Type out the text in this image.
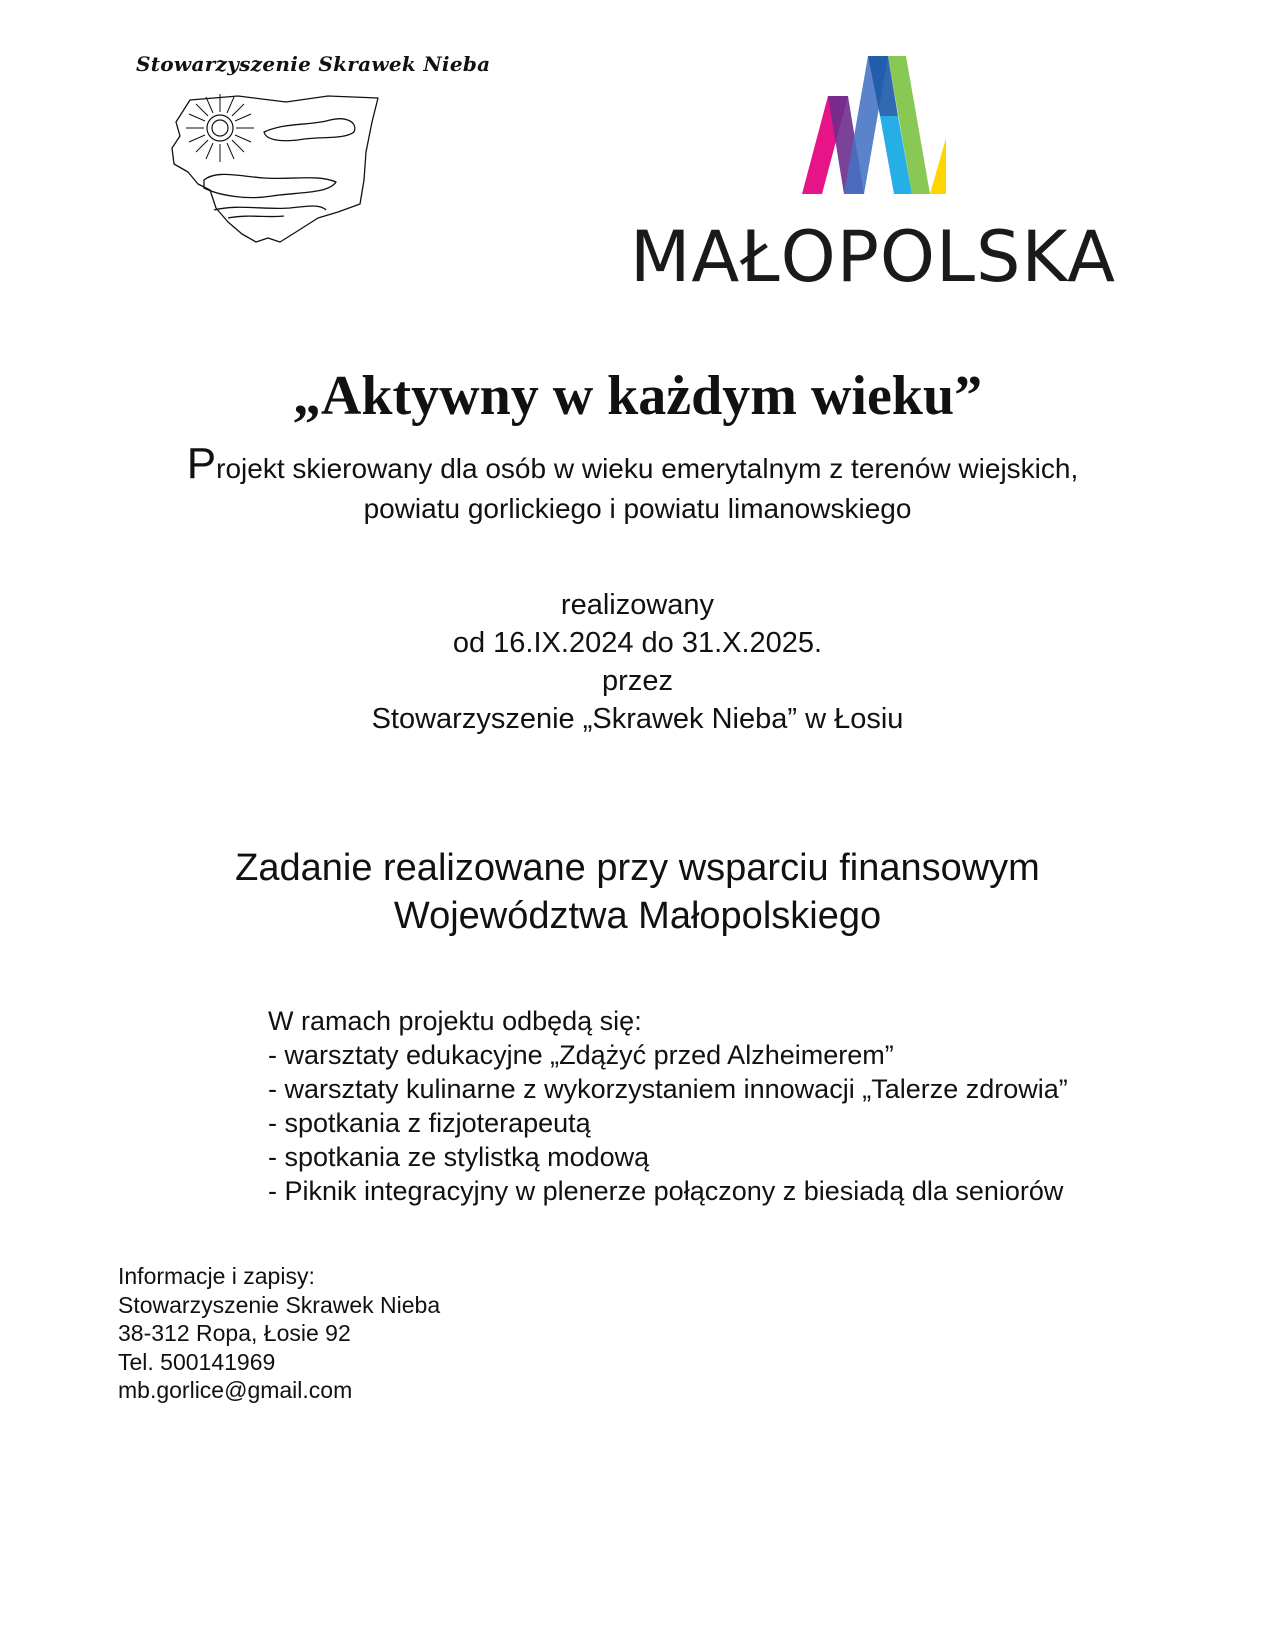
Stowarzyszenie Skrawek Nieba
MAŁOPOLSKA
„Aktywny w każdym wieku”
Projekt skierowany dla osób w wieku emerytalnym z terenów wiejskich,
powiatu gorlickiego i powiatu limanowskiego
realizowany
od 16.IX.2024 do 31.X.2025.
przez
Stowarzyszenie „Skrawek Nieba” w Łosiu
Zadanie realizowane przy wsparciu finansowym
Województwa Małopolskiego
W ramach projektu odbędą się:
- warsztaty edukacyjne „Zdążyć przed Alzheimerem”
- warsztaty kulinarne z wykorzystaniem innowacji „Talerze zdrowia”
- spotkania z fizjoterapeutą
- spotkania ze stylistką modową
- Piknik integracyjny w plenerze połączony z biesiadą dla seniorów
Informacje i zapisy:
Stowarzyszenie Skrawek Nieba
38-312 Ropa, Łosie 92
Tel. 500141969
mb.gorlice@gmail.com
